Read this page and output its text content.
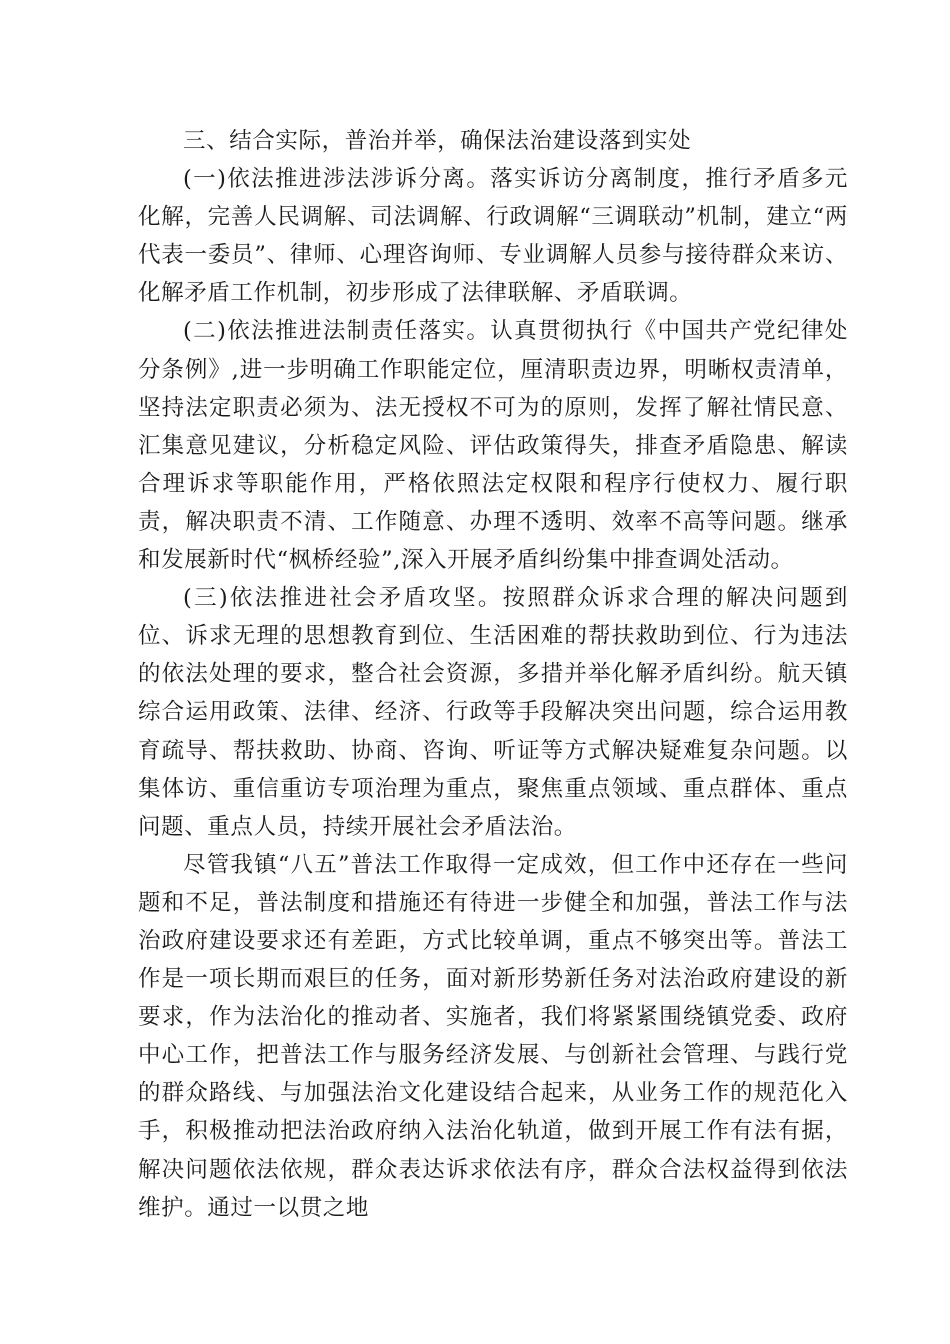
三、结合实际，普治并举，确保法治建设落到实处

(一)依法推进涉法涉诉分离。落实诉访分离制度，推行矛盾多元化解，完善人民调解、司法调解、行政调解“三调联动”机制，建立“两代表一委员”、律师、心理咨询师、专业调解人员参与接待群众来访、化解矛盾工作机制，初步形成了法律联解、矛盾联调。

(二)依法推进法制责任落实。认真贯彻执行《中国共产党纪律处分条例》,进一步明确工作职能定位，厘清职责边界，明晰权责清单，坚持法定职责必须为、法无授权不可为的原则，发挥了解社情民意、汇集意见建议，分析稳定风险、评估政策得失，排查矛盾隐患、解读合理诉求等职能作用，严格依照法定权限和程序行使权力、履行职责，解决职责不清、工作随意、办理不透明、效率不高等问题。继承和发展新时代“枫桥经验”,深入开展矛盾纠纷集中排查调处活动。

(三)依法推进社会矛盾攻坚。按照群众诉求合理的解决问题到位、诉求无理的思想教育到位、生活困难的帮扶救助到位、行为违法的依法处理的要求，整合社会资源，多措并举化解矛盾纠纷。航天镇综合运用政策、法律、经济、行政等手段解决突出问题，综合运用教育疏导、帮扶救助、协商、咨询、听证等方式解决疑难复杂问题。以集体访、重信重访专项治理为重点，聚焦重点领域、重点群体、重点问题、重点人员，持续开展社会矛盾法治。

尽管我镇“八五”普法工作取得一定成效，但工作中还存在一些问题和不足，普法制度和措施还有待进一步健全和加强，普法工作与法治政府建设要求还有差距，方式比较单调，重点不够突出等。普法工作是一项长期而艰巨的任务，面对新形势新任务对法治政府建设的新要求，作为法治化的推动者、实施者，我们将紧紧围绕镇党委、政府中心工作，把普法工作与服务经济发展、与创新社会管理、与践行党的群众路线、与加强法治文化建设结合起来，从业务工作的规范化入手，积极推动把法治政府纳入法治化轨道，做到开展工作有法有据，解决问题依法依规，群众表达诉求依法有序，群众合法权益得到依法维护。通过一以贯之地
